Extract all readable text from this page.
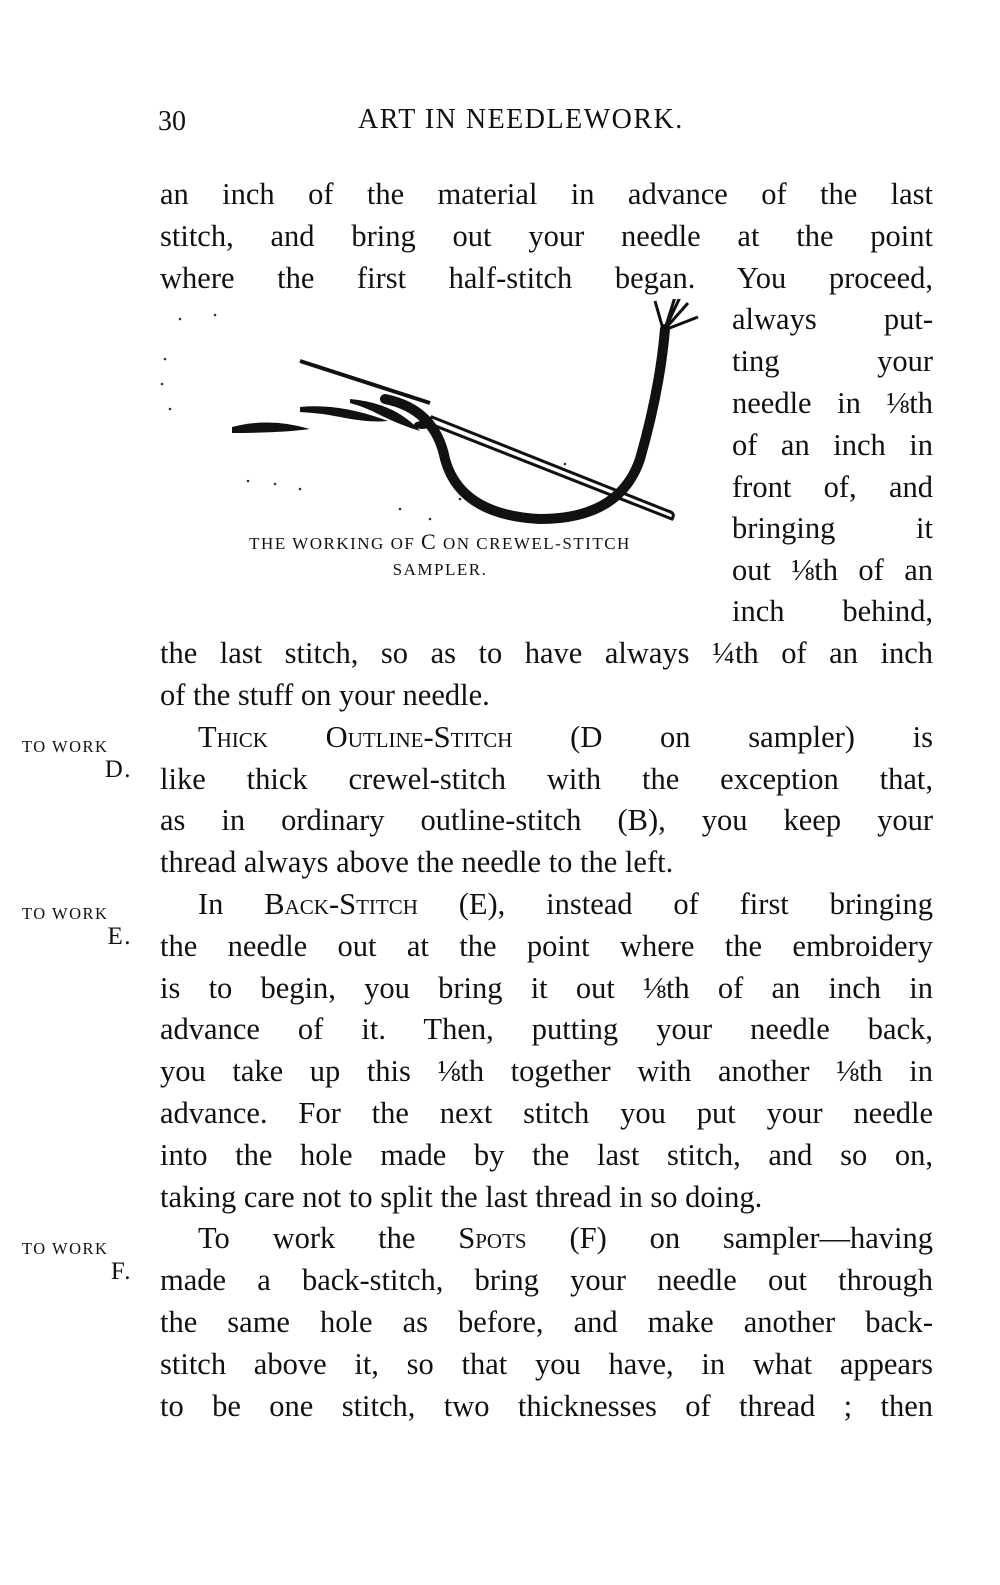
30	ART IN NEEDLEWORK.
TO WORK
D.
TO WORK
E.
TO WORK
F.
an inch of the material in advance of the last
stitch, and bring out your needle at the point
where the first half-stitch began. You proceed,
THE WORKING OF C ON CREWEL-STITCH
SAMPLER.
always put-
ting your
needle in ⅛th
of an inch in
front of, and
bringing it
out ⅛th of an
inch behind,
the last stitch, so as to have always ¼th of an inch
of the stuff on your needle.
Thick Outline-Stitch (D on sampler) is
like thick crewel-stitch with the exception that,
as in ordinary outline-stitch (B), you keep your
thread always above the needle to the left.
In Back-Stitch (E), instead of first bringing
the needle out at the point where the embroidery
is to begin, you bring it out ⅛th of an inch in
advance of it. Then, putting your needle back,
you take up this ⅛th together with another ⅛th in
advance. For the next stitch you put your needle
into the hole made by the last stitch, and so on,
taking care not to split the last thread in so doing.
To work the Spots (F) on sampler—having
made a back-stitch, bring your needle out through
the same hole as before, and make another back-
stitch above it, so that you have, in what appears
to be one stitch, two thicknesses of thread ; then
